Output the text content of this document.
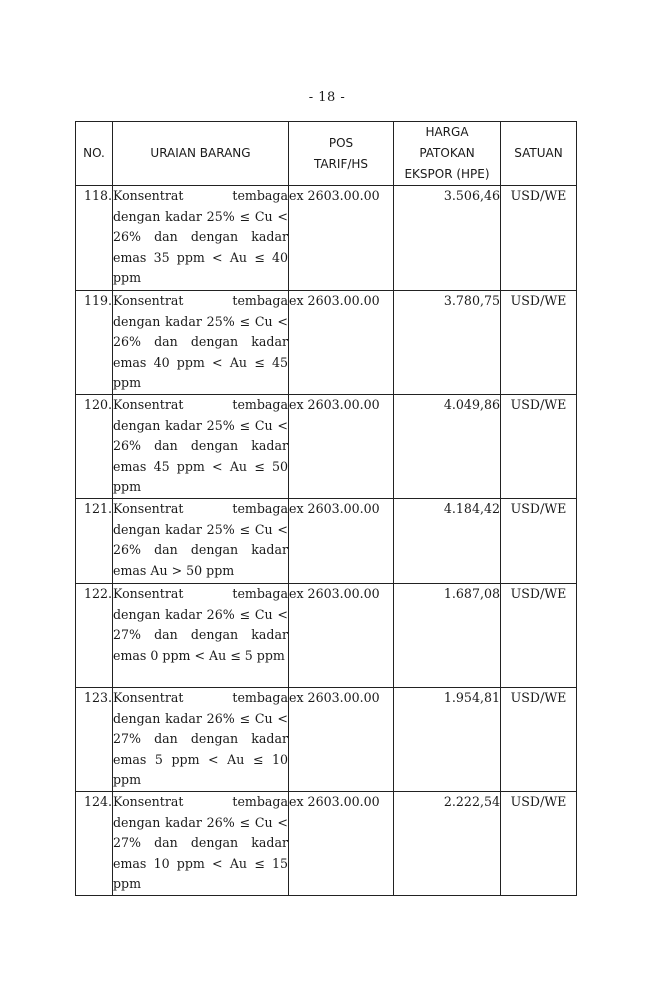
- 18 -
NO.	URAIAN BARANG	POS TARIF/HS	HARGA PATOKAN EKSPOR (HPE)	SATUAN

118.	Konsentrat tembaga dengan kadar 25% ≤ Cu < 26% dan dengan kadar emas 35 ppm < Au ≤ 40 ppm	ex 2603.00.00	3.506,46	USD/WE
119.	Konsentrat tembaga dengan kadar 25% ≤ Cu < 26% dan dengan kadar emas 40 ppm < Au ≤ 45 ppm	ex 2603.00.00	3.780,75	USD/WE
120.	Konsentrat tembaga dengan kadar 25% ≤ Cu < 26% dan dengan kadar emas 45 ppm < Au ≤ 50 ppm	ex 2603.00.00	4.049,86	USD/WE
121.	Konsentrat tembaga dengan kadar 25% ≤ Cu < 26% dan dengan kadar emas Au > 50 ppm	ex 2603.00.00	4.184,42	USD/WE
122.	Konsentrat tembaga dengan kadar 26% ≤ Cu < 27% dan dengan kadar emas 0 ppm < Au ≤ 5 ppm	ex 2603.00.00	1.687,08	USD/WE
123.	Konsentrat tembaga dengan kadar 26% ≤ Cu < 27% dan dengan kadar emas 5 ppm < Au ≤ 10 ppm	ex 2603.00.00	1.954,81	USD/WE
124.	Konsentrat tembaga dengan kadar 26% ≤ Cu < 27% dan dengan kadar emas 10 ppm < Au ≤ 15 ppm	ex 2603.00.00	2.222,54	USD/WE
